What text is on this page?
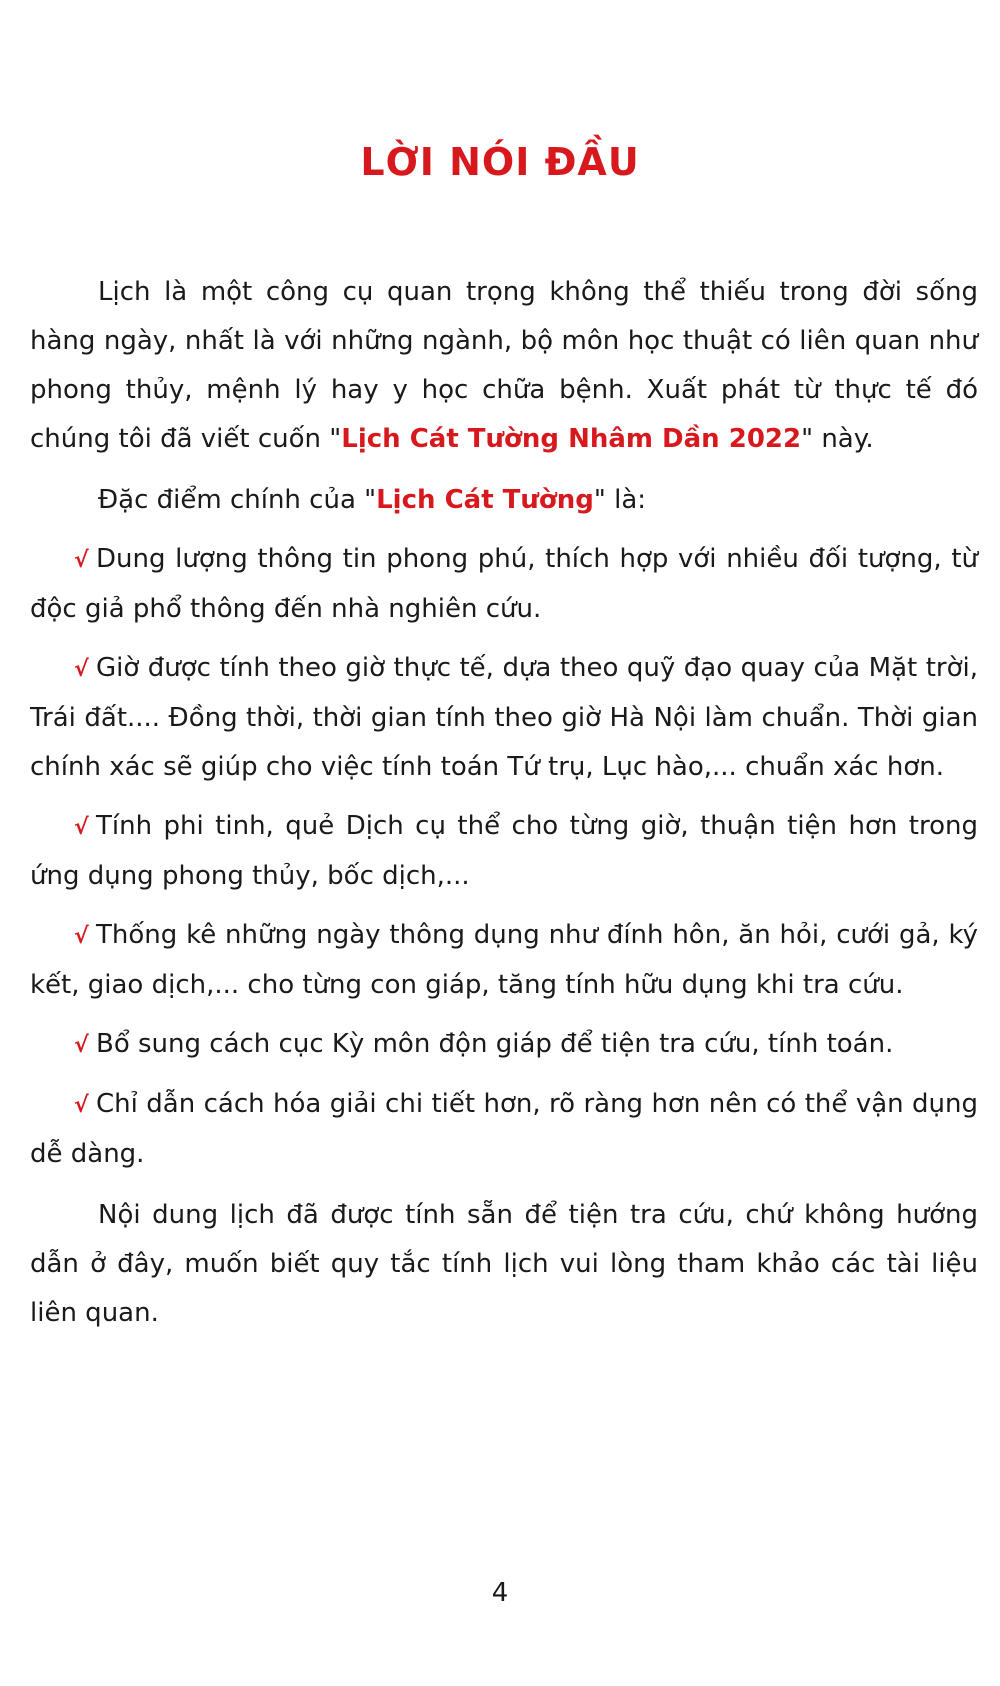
LỜI NÓI ĐẦU

Lịch là một công cụ quan trọng không thể thiếu trong đời sống hàng ngày, nhất là với những ngành, bộ môn học thuật có liên quan như phong thủy, mệnh lý hay y học chữa bệnh. Xuất phát từ thực tế đó chúng tôi đã viết cuốn "Lịch Cát Tường Nhâm Dần 2022" này.

Đặc điểm chính của "Lịch Cát Tường" là:

√ Dung lượng thông tin phong phú, thích hợp với nhiều đối tượng, từ độc giả phổ thông đến nhà nghiên cứu.

√ Giờ được tính theo giờ thực tế, dựa theo quỹ đạo quay của Mặt trời, Trái đất.... Đồng thời, thời gian tính theo giờ Hà Nội làm chuẩn. Thời gian chính xác sẽ giúp cho việc tính toán Tứ trụ, Lục hào,... chuẩn xác hơn.

√ Tính phi tinh, quẻ Dịch cụ thể cho từng giờ, thuận tiện hơn trong ứng dụng phong thủy, bốc dịch,...

√ Thống kê những ngày thông dụng như đính hôn, ăn hỏi, cưới gả, ký kết, giao dịch,... cho từng con giáp, tăng tính hữu dụng khi tra cứu.

√ Bổ sung cách cục Kỳ môn độn giáp để tiện tra cứu, tính toán.

√ Chỉ dẫn cách hóa giải chi tiết hơn, rõ ràng hơn nên có thể vận dụng dễ dàng.

Nội dung lịch đã được tính sẵn để tiện tra cứu, chứ không hướng dẫn ở đây, muốn biết quy tắc tính lịch vui lòng tham khảo các tài liệu liên quan.

4
